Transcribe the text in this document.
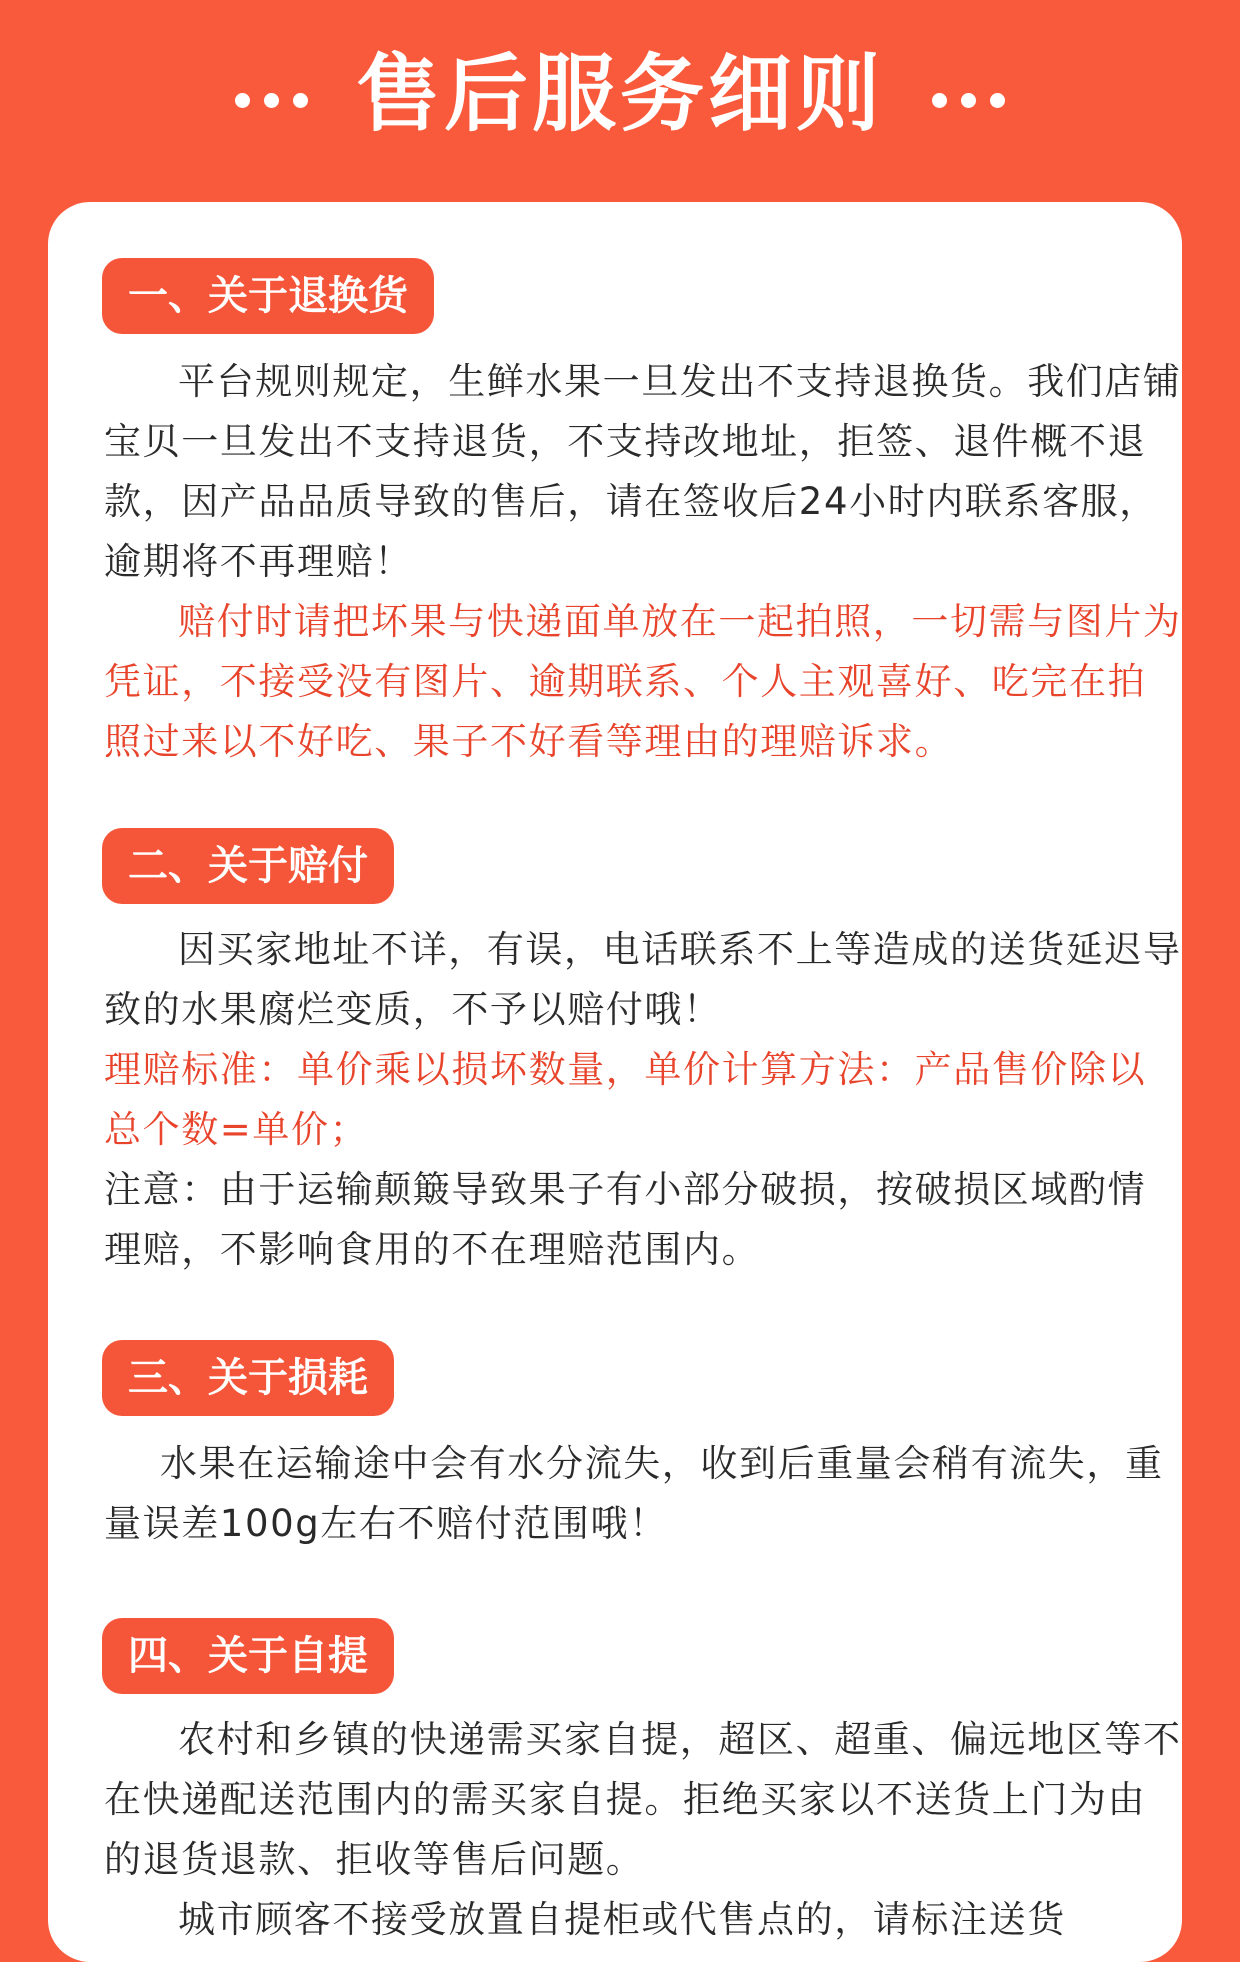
售后服务细则
一、关于退换货

平台规则规定，生鲜水果一旦发出不支持退换货。我们店铺宝贝一旦发出不支持退货，不支持改地址，拒签、退件概不退款，因产品品质导致的售后，请在签收后24小时内联系客服，逾期将不再理赔！

赔付时请把坏果与快递面单放在一起拍照，一切需与图片为凭证，不接受没有图片、逾期联系、个人主观喜好、吃完在拍照过来以不好吃、果子不好看等理由的理赔诉求。

二、关于赔付

因买家地址不详，有误，电话联系不上等造成的送货延迟导致的水果腐烂变质，不予以赔付哦！

理赔标准：单价乘以损坏数量，单价计算方法：产品售价除以总个数=单价；

注意：由于运输颠簸导致果子有小部分破损，按破损区域酌情理赔，不影响食用的不在理赔范围内。

三、关于损耗

水果在运输途中会有水分流失，收到后重量会稍有流失，重量误差100g左右不赔付范围哦！

四、关于自提

农村和乡镇的快递需买家自提，超区、超重、偏远地区等不在快递配送范围内的需买家自提。拒绝买家以不送货上门为由的退货退款、拒收等售后问题。

城市顾客不接受放置自提柜或代售点的，请标注送货
